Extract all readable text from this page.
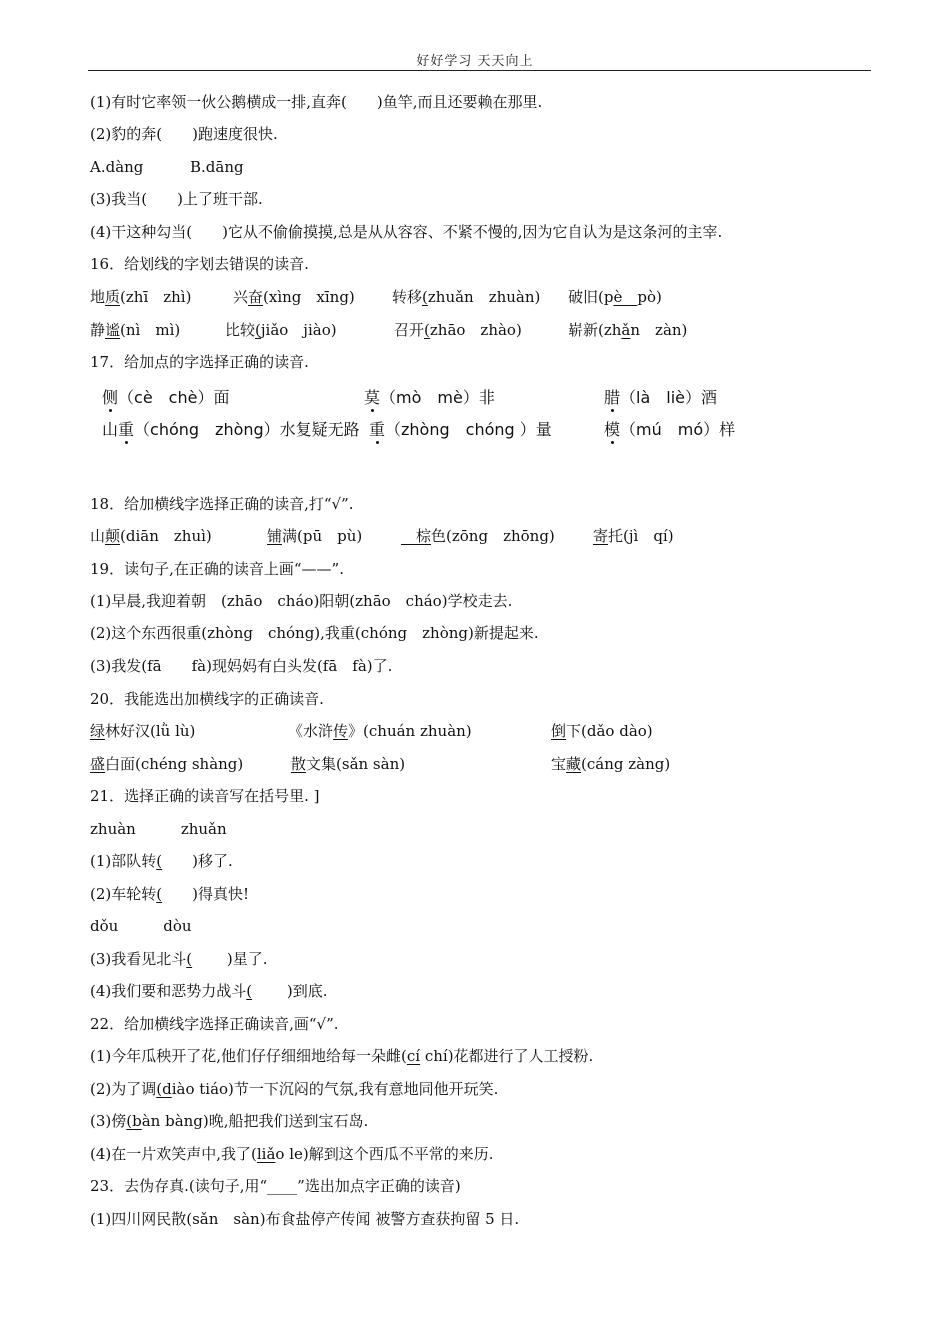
好好学习 天天向上
(1)有时它率领一伙公鹅横成一排,直奔(　　)鱼竿,而且还要赖在那里.
(2)豹的奔(　　)跑速度很快.
A.dàng	B.dāng
(3)我当(　　)上了班干部.
(4)干这种勾当(　　)它从不偷偷摸摸,总是从从容容、不紧不慢的,因为它自认为是这条河的主宰.
16．给划线的字划去错误的读音.
地质(zhī　zhì)	兴奋(xìng　xīng) 转移(zhuǎn　zhuàn) 破旧(pè　pò)
静谧(nì　mì)	比较(jiǎo　jiào)	召开(zhāo　zhào)	崭新(zhǎn　zàn)
17．给加点的字选择正确的读音.
侧（cè　chè）面	莫（mò　mè）非	腊（là　liè）酒
山重（chóng　zhòng）水复疑无路 重（zhòng　chóng ）量	模（mú　mó）样
18．给加横线字选择正确的读音,打“√”.
山颠(diān　zhuì)	铺满(pū　pù)	　棕色(zōng　zhōng)	寄托(jì　qí)
19．读句子,在正确的读音上画“——”.
(1)早晨,我迎着朝　(zhāo　cháo)阳朝(zhāo　cháo)学校走去.
(2)这个东西很重(zhòng　chóng),我重(chóng　zhòng)新提起来.
(3)我发(fā　　fà)现妈妈有白头发(fā　fà)了.
20．我能选出加横线字的正确读音.
绿林好汉(lǜ lù)	《水浒传》(chuán zhuàn)	倒下(dǎo dào)
盛白面(chéng shàng)	散文集(sǎn sàn)	宝藏(cáng zàng)
21．选择正确的读音写在括号里. ]
zhuàn　　　zhuǎn
(1)部队转(　　)移了.
(2)车轮转(　　)得真快!
dǒu　　　dòu
(3)我看见北斗(　　 )星了.
(4)我们要和恶势力战斗(　　 )到底.
22．给加横线字选择正确读音,画“√”.
(1)今年瓜秧开了花,他们仔仔细细地给每一朵雌(cí chí)花都进行了人工授粉.
(2)为了调(diào tiáo)节一下沉闷的气氛,我有意地同他开玩笑.
(3)傍(bàn bàng)晚,船把我们送到宝石岛.
(4)在一片欢笑声中,我了(liǎo le)解到这个西瓜不平常的来历.
23．去伪存真.(读句子,用“____”选出加点字正确的读音)
(1)四川网民散(sǎn　sàn)布食盐停产传闻 被警方查获拘留 5 日.
